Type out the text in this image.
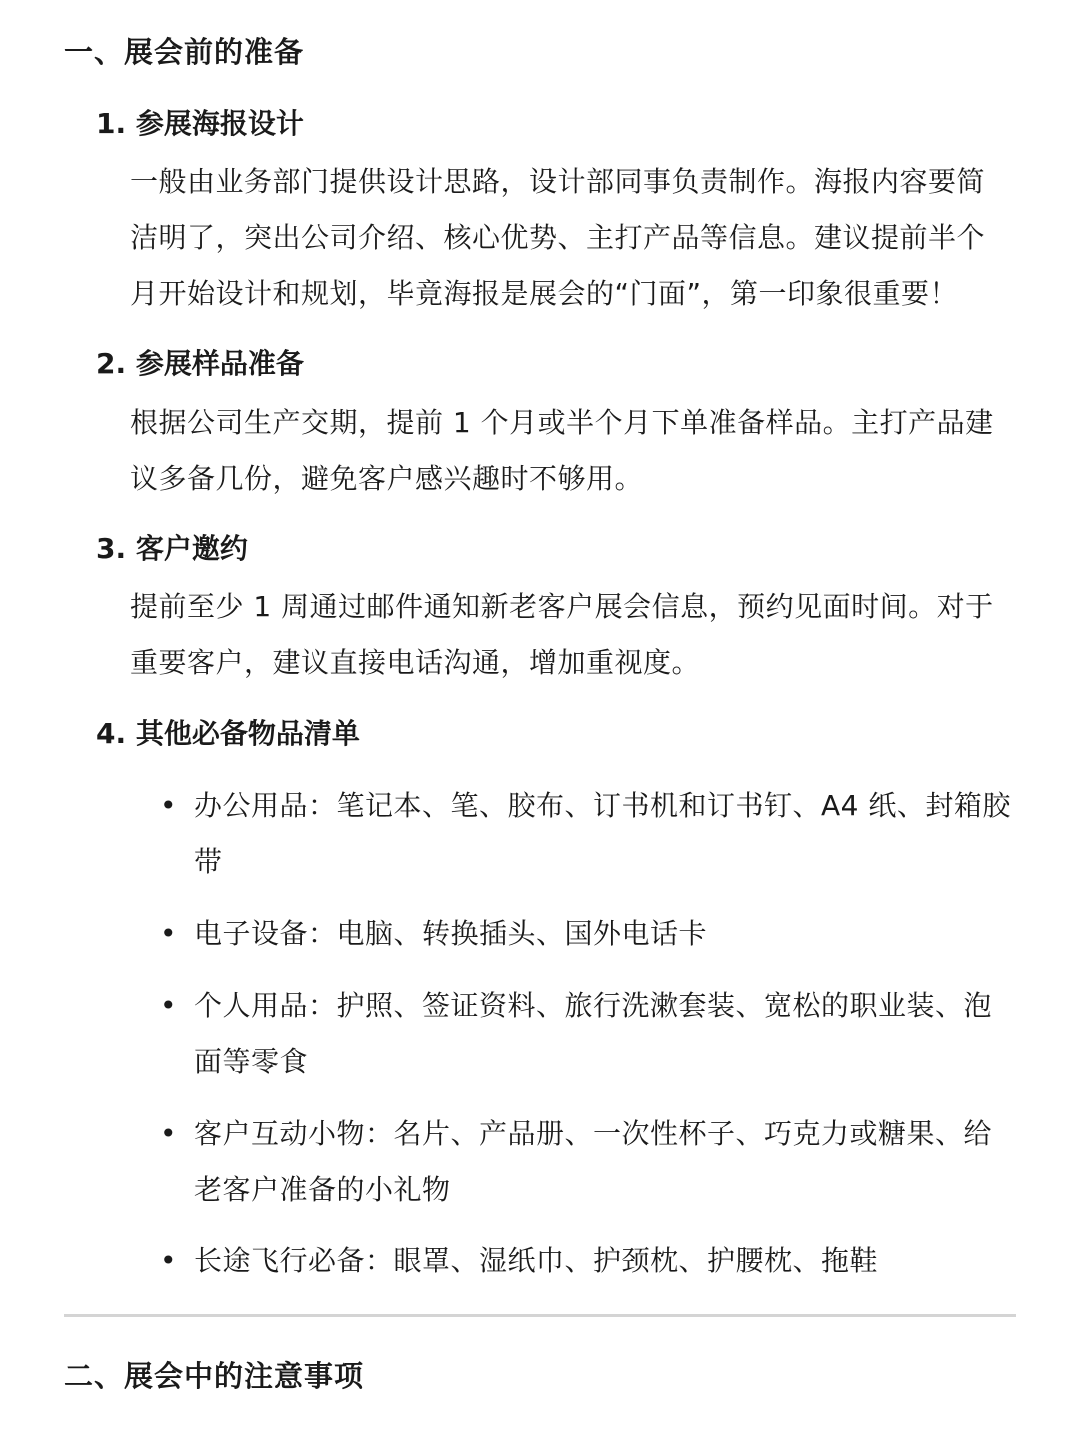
一、展会前的准备
1. 参展海报设计
一般由业务部门提供设计思路，设计部同事负责制作。海报内容要简洁明了，突出公司介绍、核心优势、主打产品等信息。建议提前半个月开始设计和规划，毕竟海报是展会的“门面”，第一印象很重要！
2. 参展样品准备
根据公司生产交期，提前 1 个月或半个月下单准备样品。主打产品建议多备几份，避免客户感兴趣时不够用。
3. 客户邀约
提前至少 1 周通过邮件通知新老客户展会信息，预约见面时间。对于重要客户，建议直接电话沟通，增加重视度。
4. 其他必备物品清单
• 办公用品：笔记本、笔、胶布、订书机和订书钉、A4 纸、封箱胶带
• 电子设备：电脑、转换插头、国外电话卡
• 个人用品：护照、签证资料、旅行洗漱套装、宽松的职业装、泡面等零食
• 客户互动小物：名片、产品册、一次性杯子、巧克力或糖果、给老客户准备的小礼物
• 长途飞行必备：眼罩、湿纸巾、护颈枕、护腰枕、拖鞋
二、展会中的注意事项
